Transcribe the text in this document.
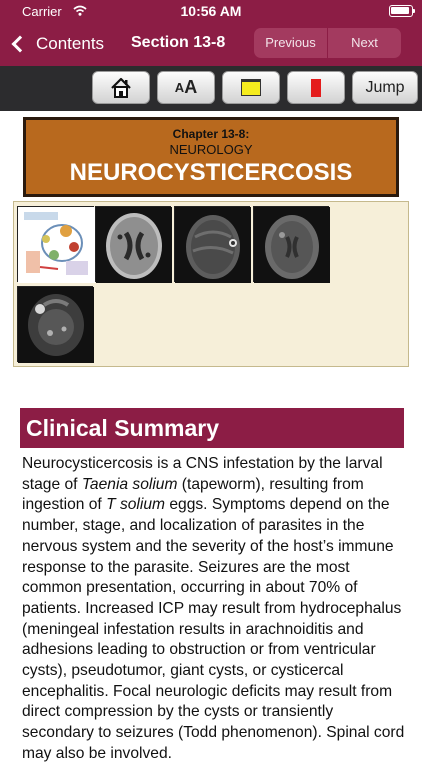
Carrier	10:56 AM
Contents Section 13-8	Previous	Next
A A	Jump
Chapter 13-8:
NEUROLOGY
NEUROCYSTICERCOSIS
Clinical Summary
Neurocysticercosis is a CNS infestation by the larval stage of Taenia solium (tapeworm), resulting from ingestion of T solium eggs. Symptoms depend on the number, stage, and localization of parasites in the nervous system and the severity of the host’s immune response to the parasite. Seizures are the most common presentation, occurring in about 70% of patients. Increased ICP may result from hydrocephalus (meningeal infestation results in arachnoiditis and adhesions leading to obstruction or from ventricular cysts), pseudotumor, giant cysts, or cysticercal encephalitis. Focal neurologic deficits may result from direct compression by the cysts or transiently secondary to seizures (Todd phenomenon). Spinal cord may also be involved.
